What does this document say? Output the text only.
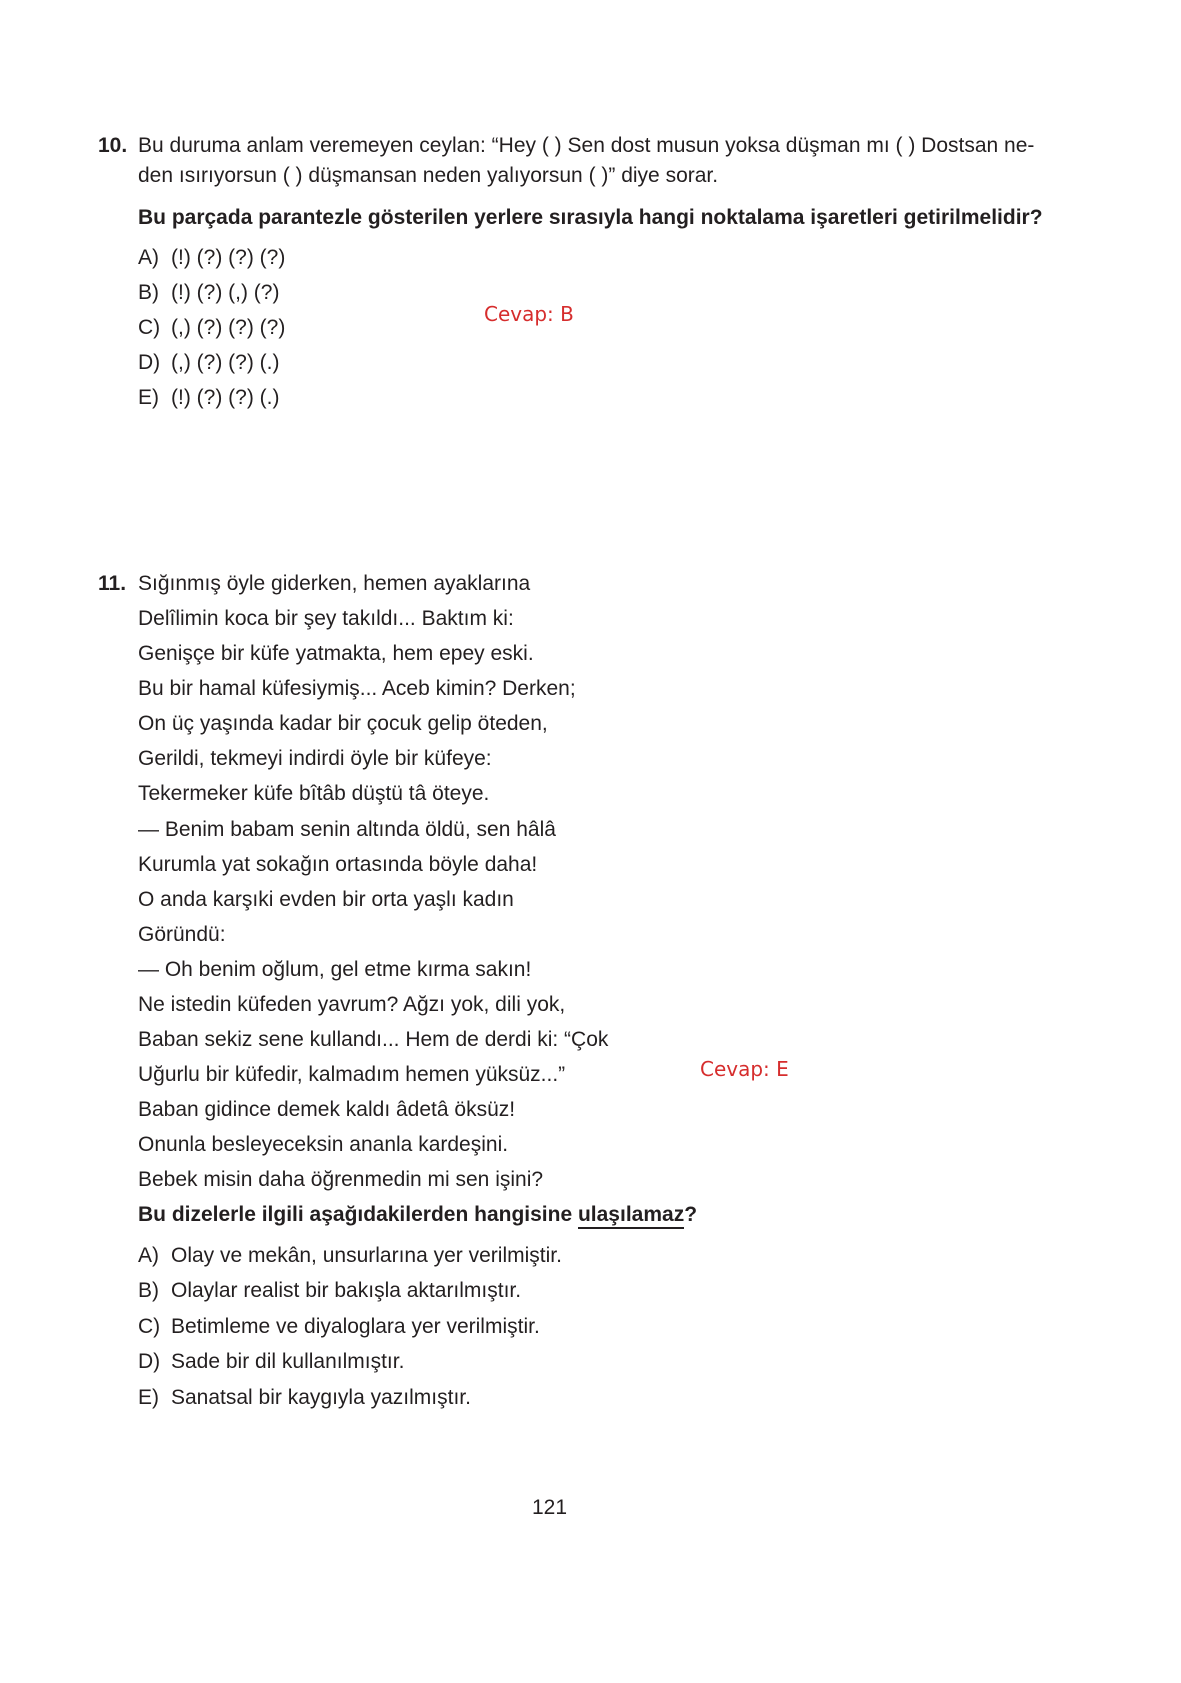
10. Bu duruma anlam veremeyen ceylan: “Hey ( ) Sen dost musun yoksa düşman mı ( ) Dostsan ne-
den ısırıyorsun ( ) düşmansan neden yalıyorsun ( )” diye sorar.
Bu parçada parantezle gösterilen yerlere sırasıyla hangi noktalama işaretleri getirilmelidir?
A) (!) (?) (?) (?)
B) (!) (?) (,) (?)
C) (,) (?) (?) (?)
D) (,) (?) (?) (.)
E) (!) (?) (?) (.)
Cevap: B
11. Sığınmış öyle giderken, hemen ayaklarına
Delîlimin koca bir şey takıldı... Baktım ki:
Genişçe bir küfe yatmakta, hem epey eski.
Bu bir hamal küfesiymiş... Aceb kimin? Derken;
On üç yaşında kadar bir çocuk gelip öteden,
Gerildi, tekmeyi indirdi öyle bir küfeye:
Tekermeker küfe bîtâb düştü tâ öteye.
— Benim babam senin altında öldü, sen hâlâ
Kurumla yat sokağın ortasında böyle daha!
O anda karşıki evden bir orta yaşlı kadın
Göründü:
— Oh benim oğlum, gel etme kırma sakın!
Ne istedin küfeden yavrum? Ağzı yok, dili yok,
Baban sekiz sene kullandı... Hem de derdi ki: “Çok
Uğurlu bir küfedir, kalmadım hemen yüksüz...”
Baban gidince demek kaldı âdetâ öksüz!
Onunla besleyeceksin ananla kardeşini.
Bebek misin daha öğrenmedin mi sen işini?
Bu dizelerle ilgili aşağıdakilerden hangisine ulaşılamaz?
A) Olay ve mekân, unsurlarına yer verilmiştir.
B) Olaylar realist bir bakışla aktarılmıştır.
C) Betimleme ve diyaloglara yer verilmiştir.
D) Sade bir dil kullanılmıştır.
E) Sanatsal bir kaygıyla yazılmıştır.
Cevap: E
121
